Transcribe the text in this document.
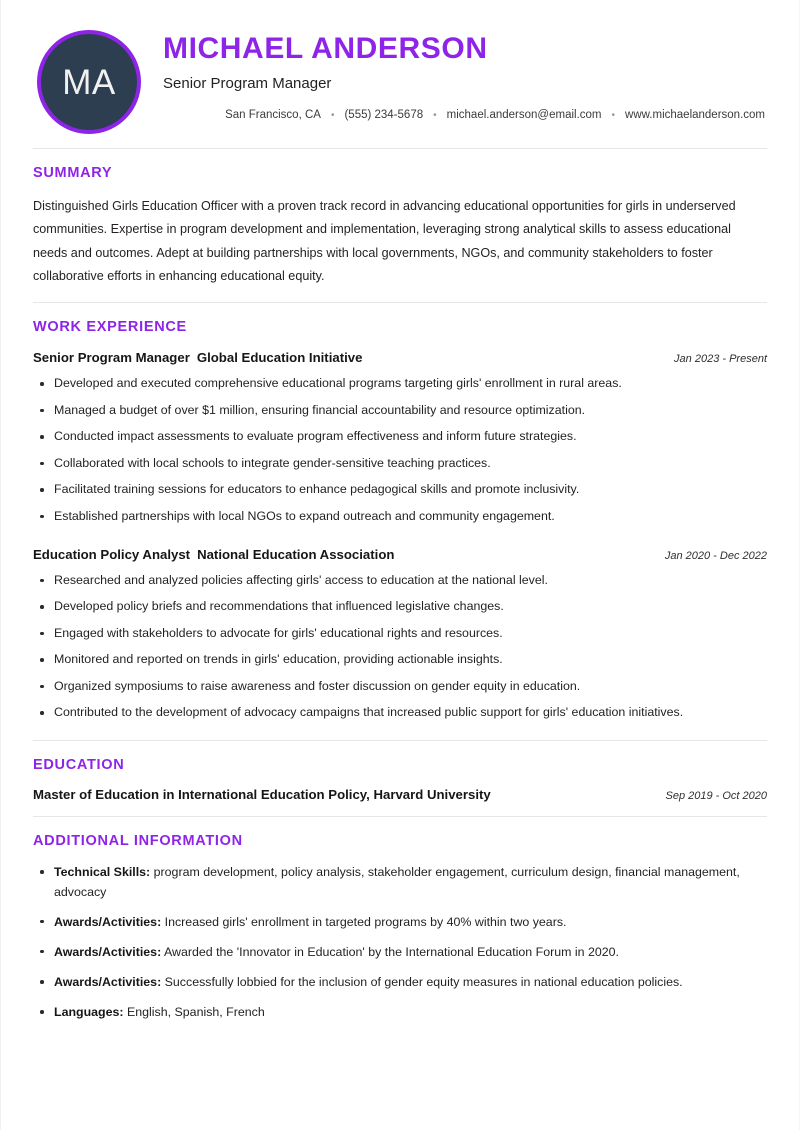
MA
MICHAEL ANDERSON
Senior Program Manager
San Francisco, CA	• (555) 234-5678	• michael.anderson@email.com	• www.michaelanderson.com
SUMMARY

Distinguished Girls Education Officer with a proven track record in advancing educational opportunities for girls in underserved communities. Expertise in program development and implementation, leveraging strong analytical skills to assess educational needs and outcomes. Adept at building partnerships with local governments, NGOs, and community stakeholders to foster collaborative efforts in enhancing educational equity.

WORK EXPERIENCE
Senior Program Manager Global Education Initiative	Jan 2023 - Present
Developed and executed comprehensive educational programs targeting girls' enrollment in rural areas.
Managed a budget of over $1 million, ensuring financial accountability and resource optimization.
Conducted impact assessments to evaluate program effectiveness and inform future strategies.
Collaborated with local schools to integrate gender-sensitive teaching practices.
Facilitated training sessions for educators to enhance pedagogical skills and promote inclusivity.
Established partnerships with local NGOs to expand outreach and community engagement.
Education Policy Analyst National Education Association	Jan 2020 - Dec 2022
Researched and analyzed policies affecting girls' access to education at the national level.
Developed policy briefs and recommendations that influenced legislative changes.
Engaged with stakeholders to advocate for girls' educational rights and resources.
Monitored and reported on trends in girls' education, providing actionable insights.
Organized symposiums to raise awareness and foster discussion on gender equity in education.
Contributed to the development of advocacy campaigns that increased public support for girls' education initiatives.
EDUCATION
Master of Education in International Education Policy, Harvard University	Sep 2019 - Oct 2020
ADDITIONAL INFORMATION
Technical Skills: program development, policy analysis, stakeholder engagement, curriculum design, financial management, advocacy
Awards/Activities: Increased girls' enrollment in targeted programs by 40% within two years.
Awards/Activities: Awarded the 'Innovator in Education' by the International Education Forum in 2020.
Awards/Activities: Successfully lobbied for the inclusion of gender equity measures in national education policies.
Languages: English, Spanish, French
